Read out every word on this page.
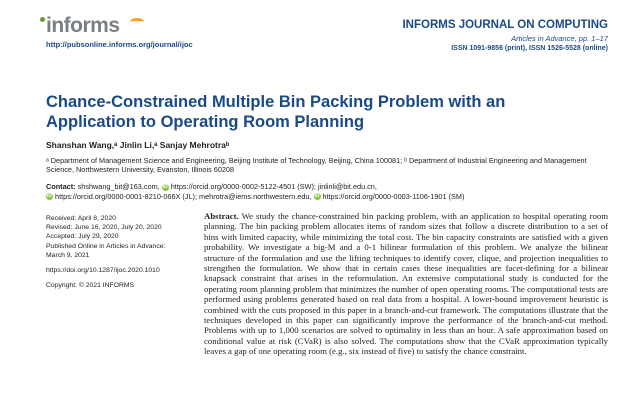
informs
http://pubsonline.informs.org/journal/ijoc
INFORMS JOURNAL ON COMPUTING
Articles in Advance, pp. 1–17
ISSN 1091-9856 (print), ISSN 1526-5528 (online)
Chance-Constrained Multiple Bin Packing Problem with an Application to Operating Room Planning
Shanshan Wang,ᵃ Jinlin Li,ᵃ Sanjay Mehrotraᵇ
ᵃ Department of Management Science and Engineering, Beijing Institute of Technology, Beijing, China 100081; ᵇ Department of Industrial Engineering and Management Science, Northwestern University, Evanston, Illinois 60208
Contact: shshwang_bit@163.com, iD https://orcid.org/0000-0002-5122-4501 (SW); jinlinli@bit.edu.cn,
iD https://orcid.org/0000-0001-8210-066X (JL); mehrotra@iems.northwestern.edu, iD https://orcid.org/0000-0003-1106-1901 (SM)
Received: April 8, 2020
Revised: June 16, 2020, July 20, 2020
Accepted: July 29, 2020
Published Online in Articles in Advance:
March 9, 2021
https://doi.org/10.1287/ijoc.2020.1010
Copyright: © 2021 INFORMS
Abstract. We study the chance-constrained bin packing problem, with an application to hospital operating room planning. The bin packing problem allocates items of random sizes that follow a discrete distribution to a set of bins with limited capacity, while minimizing the total cost. The bin capacity constraints are satisfied with a given probability. We investigate a big-M and a 0-1 bilinear formulation of this problem. We analyze the bilinear structure of the formulation and use the lifting techniques to identify cover, clique, and projection inequalities to strengthen the formulation. We show that in certain cases these inequalities are facet-defining for a bilinear knapsack constraint that arises in the reformulation. An extensive computational study is conducted for the operating room planning problem that minimizes the number of open operating rooms. The computational tests are performed using problems generated based on real data from a hospital. A lower-bound improvement heuristic is combined with the cuts proposed in this paper in a branch-and-cut framework. The computations illustrate that the techniques developed in this paper can significantly improve the performance of the branch-and-cut method. Problems with up to 1,000 scenarios are solved to optimality in less than an hour. A safe approximation based on conditional value at risk (CVaR) is also solved. The computations show that the CVaR approximation typically leaves a gap of one operating room (e.g., six instead of five) to satisfy the chance constraint.
